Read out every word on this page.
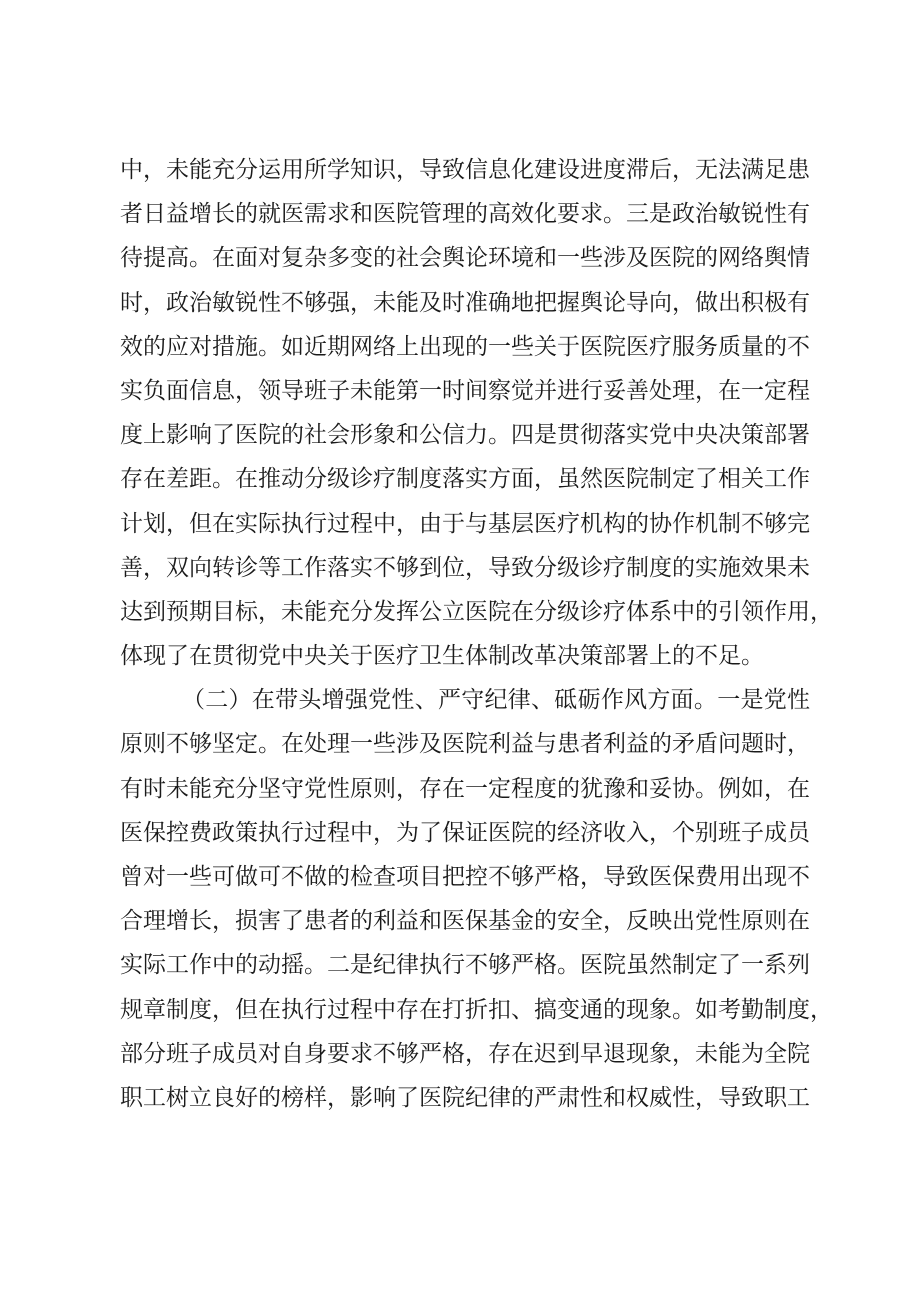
中，未能充分运用所学知识，导致信息化建设进度滞后，无法满足患
者日益增长的就医需求和医院管理的高效化要求。三是政治敏锐性有
待提高。在面对复杂多变的社会舆论环境和一些涉及医院的网络舆情
时，政治敏锐性不够强，未能及时准确地把握舆论导向，做出积极有
效的应对措施。如近期网络上出现的一些关于医院医疗服务质量的不
实负面信息，领导班子未能第一时间察觉并进行妥善处理，在一定程
度上影响了医院的社会形象和公信力。四是贯彻落实党中央决策部署
存在差距。在推动分级诊疗制度落实方面，虽然医院制定了相关工作
计划，但在实际执行过程中，由于与基层医疗机构的协作机制不够完
善，双向转诊等工作落实不够到位，导致分级诊疗制度的实施效果未
达到预期目标，未能充分发挥公立医院在分级诊疗体系中的引领作用，
体现了在贯彻党中央关于医疗卫生体制改革决策部署上的不足。
（二）在带头增强党性、严守纪律、砥砺作风方面。一是党性
原则不够坚定。在处理一些涉及医院利益与患者利益的矛盾问题时，
有时未能充分坚守党性原则，存在一定程度的犹豫和妥协。例如，在
医保控费政策执行过程中，为了保证医院的经济收入，个别班子成员
曾对一些可做可不做的检查项目把控不够严格，导致医保费用出现不
合理增长，损害了患者的利益和医保基金的安全，反映出党性原则在
实际工作中的动摇。二是纪律执行不够严格。医院虽然制定了一系列
规章制度，但在执行过程中存在打折扣、搞变通的现象。如考勤制度，
部分班子成员对自身要求不够严格，存在迟到早退现象，未能为全院
职工树立良好的榜样，影响了医院纪律的严肃性和权威性，导致职工
